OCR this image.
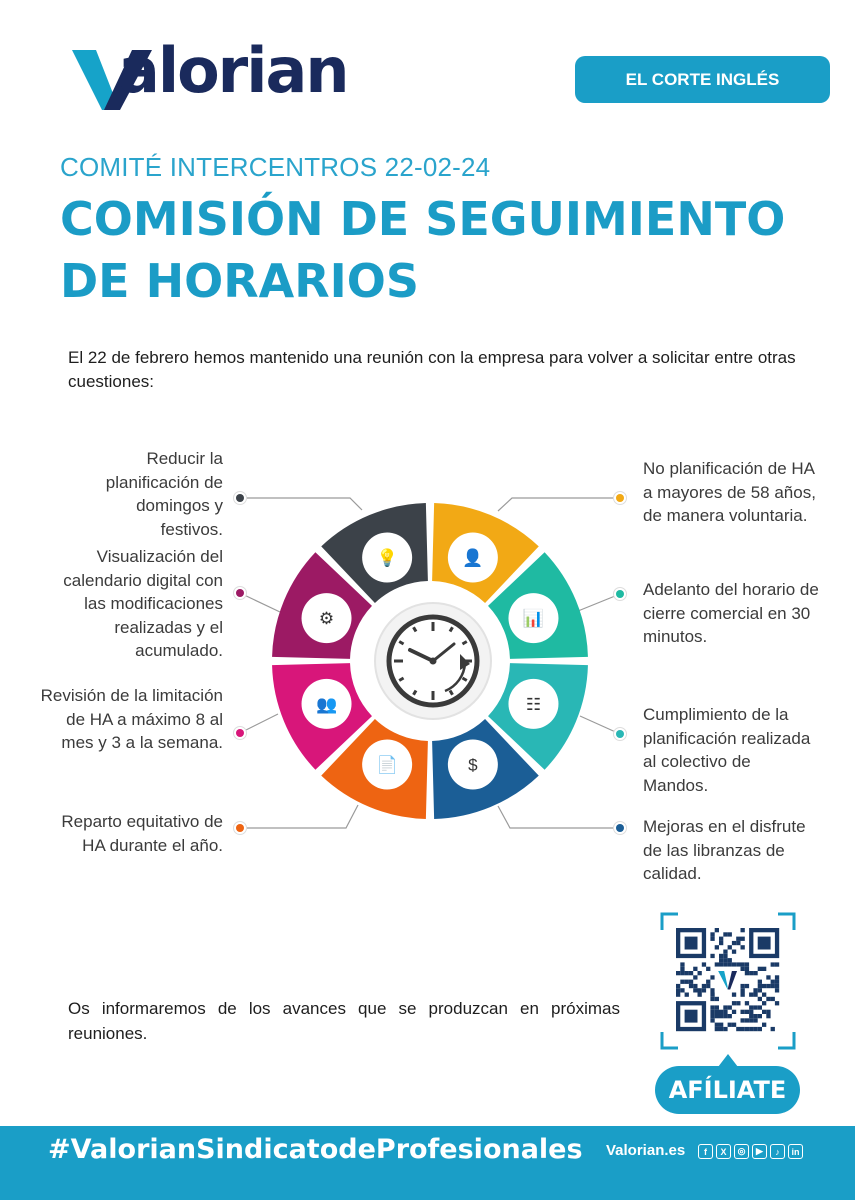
alorian	EL CORTE INGLÉS
COMITÉ INTERCENTROS 22-02-24
COMISIÓN DE SEGUIMIENTO DE HORARIOS
El 22 de febrero hemos mantenido una reunión con la empresa para volver a solicitar entre otras cuestiones:
Reducir la planificación de domingos y festivos.
Visualización del calendario digital con las modificaciones realizadas y el acumulado.
Revisión de la limitación de HA a máximo 8 al mes y 3 a la semana.
Reparto equitativo de HA durante el año.
No planificación de HA a mayores de 58 años, de manera voluntaria.
Adelanto del horario de cierre comercial en 30 minutos.
Cumplimiento de la planificación realizada al colectivo de Mandos.
Mejoras en el disfrute de las libranzas de calidad.
💡
⚙
👥
📄
👤
📊
☷
$
Os informaremos de los avances que se produzcan en próximas reuniones.
AFÍLIATE
#ValorianSindicatodeProfesionales Valorian.es	f	X	◎	▶	♪	in
